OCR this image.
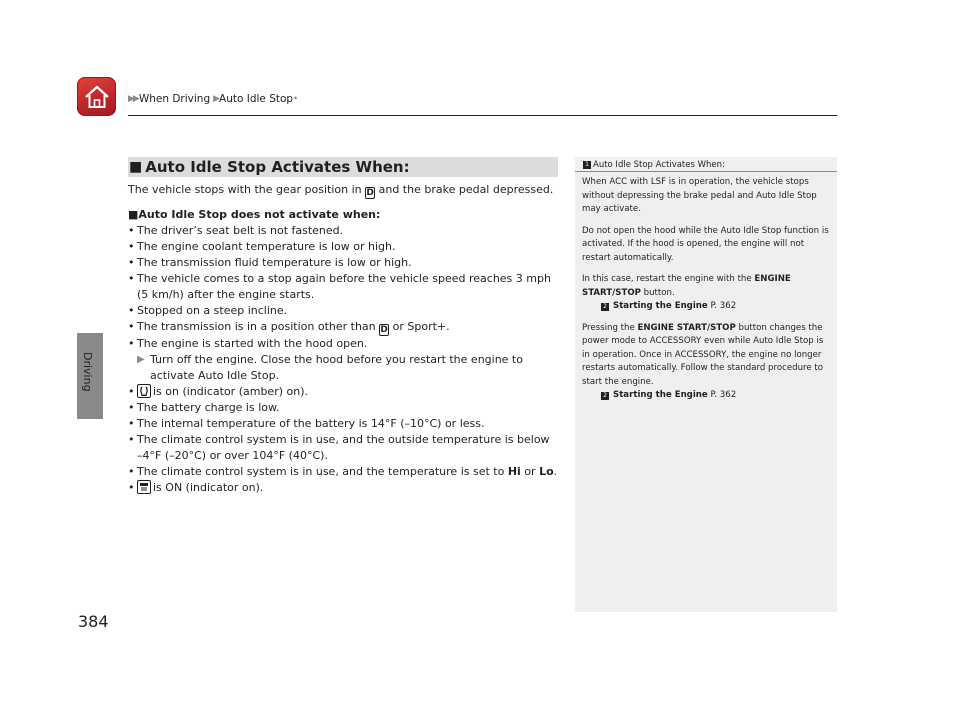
▶▶ When Driving ▶ Auto Idle Stop *
Driving
■ Auto Idle Stop Activates When:

The vehicle stops with the gear position in D and the brake pedal depressed.

■Auto Idle Stop does not activate when:
• The driver’s seat belt is not fastened.
• The engine coolant temperature is low or high.
• The transmission fluid temperature is low or high.
• The vehicle comes to a stop again before the vehicle speed reaches 3 mph (5 km/h) after the engine starts.
• Stopped on a steep incline.
• The transmission is in a position other than D or Sport+.
• The engine is started with the hood open.
▶ Turn off the engine. Close the hood before you restart the engine to activate Auto Idle Stop.
•	is on (indicator (amber) on).
• The battery charge is low.
• The internal temperature of the battery is 14°F (–10°C) or less.
• The climate control system is in use, and the outside temperature is below –4°F (–20°C) or over 104°F (40°C).
• The climate control system is in use, and the temperature is set to Hi or Lo.
•	is ON (indicator on).
1 Auto Idle Stop Activates When:

When ACC with LSF is in operation, the vehicle stops without depressing the brake pedal and Auto Idle Stop may activate.

Do not open the hood while the Auto Idle Stop function is activated. If the hood is opened, the engine will not restart automatically.

In this case, restart the engine with the ENGINE START/STOP button.
2 Starting the Engine
P. 362
Pressing the ENGINE START/STOP button changes the power mode to ACCESSORY even while Auto Idle Stop is in operation. Once in ACCESSORY, the engine no longer restarts automatically. Follow the standard procedure to start the engine.
2 Starting the Engine
P. 362
384
